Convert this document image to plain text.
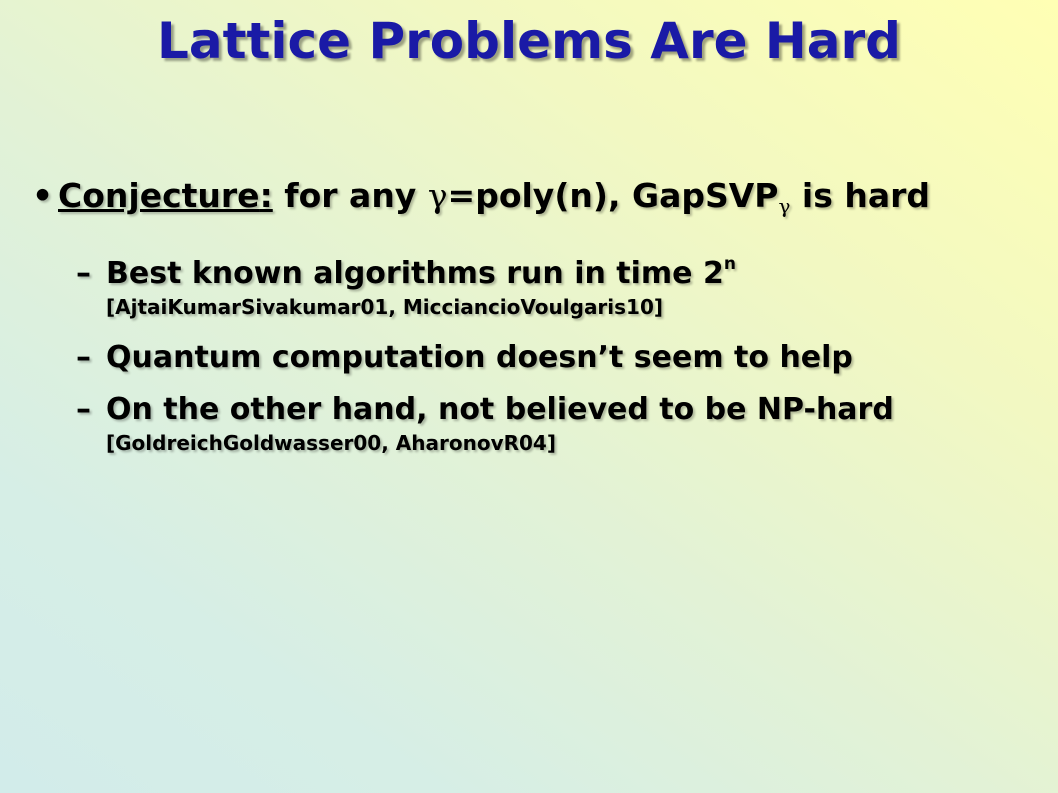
Lattice Problems Are Hard
• Conjecture: for any γ=poly(n), GapSVP$_\gamma$ is hard
– Best known algorithms run in time 2$^n$
[AjtaiKumarSivakumar01, MicciancioVoulgaris10]
– Quantum computation doesn’t seem to help
– On the other hand, not believed to be NP-hard
[GoldreichGoldwasser00, AharonovR04]
